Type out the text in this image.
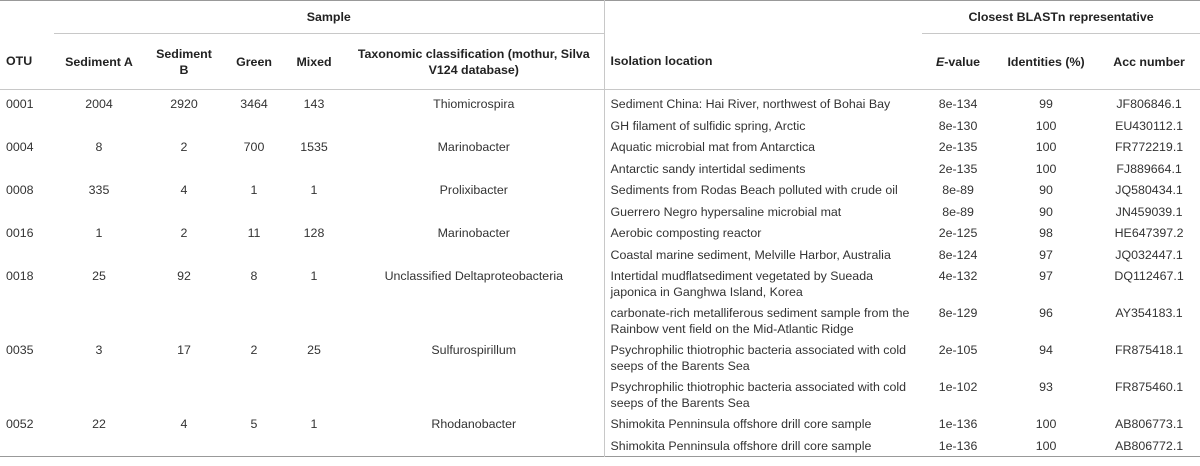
	Sample						Closest BLASTn representative		
OTU	Sediment A	Sediment B	Green	Mixed	Taxonomic classification (mothur, Silva V124 database)	Isolation location	E-value	Identities (%)	Acc number
0001	2004	2920	3464	143	Thiomicrospira	Sediment China: Hai River, northwest of Bohai Bay	8e-134	99	JF806846.1
						GH filament of sulfidic spring, Arctic	8e-130	100	EU430112.1
0004	8	2	700	1535	Marinobacter	Aquatic microbial mat from Antarctica	2e-135	100	FR772219.1
						Antarctic sandy intertidal sediments	2e-135	100	FJ889664.1
0008	335	4	1	1	Prolixibacter	Sediments from Rodas Beach polluted with crude oil	8e-89	90	JQ580434.1
						Guerrero Negro hypersaline microbial mat	8e-89	90	JN459039.1
0016	1	2	11	128	Marinobacter	Aerobic composting reactor	2e-125	98	HE647397.2
						Coastal marine sediment, Melville Harbor, Australia	8e-124	97	JQ032447.1
0018	25	92	8	1	Unclassified Deltaproteobacteria	Intertidal mudflatsediment vegetated by Sueada japonica in Ganghwa Island, Korea	4e-132	97	DQ112467.1
						carbonate-rich metalliferous sediment sample from the Rainbow vent field on the Mid-Atlantic Ridge	8e-129	96	AY354183.1
0035	3	17	2	25	Sulfurospirillum	Psychrophilic thiotrophic bacteria associated with cold seeps of the Barents Sea	2e-105	94	FR875418.1
						Psychrophilic thiotrophic bacteria associated with cold seeps of the Barents Sea	1e-102	93	FR875460.1
0052	22	4	5	1	Rhodanobacter	Shimokita Penninsula offshore drill core sample	1e-136	100	AB806773.1
						Shimokita Penninsula offshore drill core sample	1e-136	100	AB806772.1
